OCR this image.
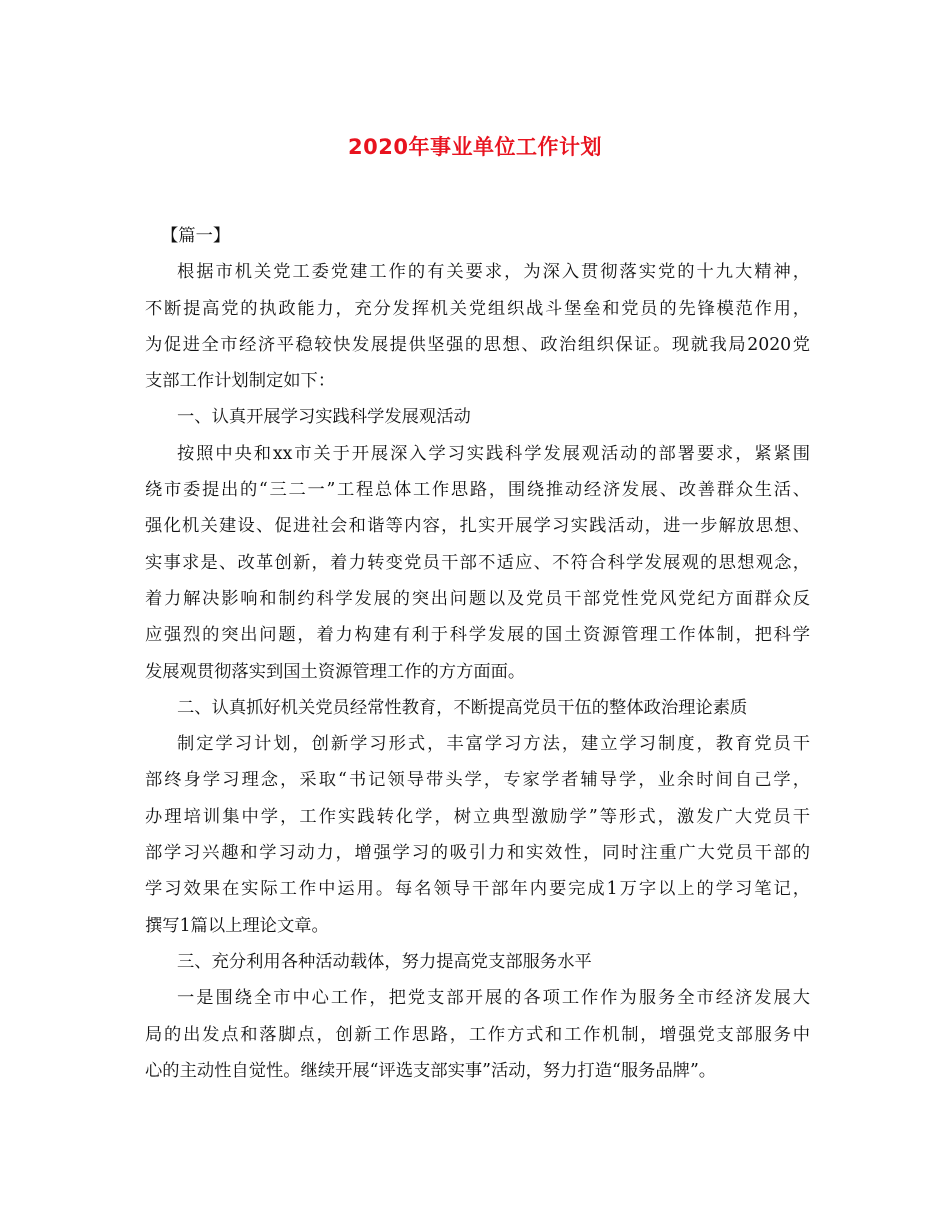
2020年事业单位工作计划
【篇一】
根据市机关党工委党建工作的有关要求，为深入贯彻落实党的十九大精神，
不断提高党的执政能力，充分发挥机关党组织战斗堡垒和党员的先锋模范作用，
为促进全市经济平稳较快发展提供坚强的思想、政治组织保证。现就我局2020党
支部工作计划制定如下：
一、认真开展学习实践科学发展观活动
按照中央和xx市关于开展深入学习实践科学发展观活动的部署要求，紧紧围
绕市委提出的“三二一”工程总体工作思路，围绕推动经济发展、改善群众生活、
强化机关建设、促进社会和谐等内容，扎实开展学习实践活动，进一步解放思想、
实事求是、改革创新，着力转变党员干部不适应、不符合科学发展观的思想观念，
着力解决影响和制约科学发展的突出问题以及党员干部党性党风党纪方面群众反
应强烈的突出问题，着力构建有利于科学发展的国土资源管理工作体制，把科学
发展观贯彻落实到国土资源管理工作的方方面面。
二、认真抓好机关党员经常性教育，不断提高党员干伍的整体政治理论素质
制定学习计划，创新学习形式，丰富学习方法，建立学习制度，教育党员干
部终身学习理念，采取“书记领导带头学，专家学者辅导学，业余时间自己学，
办理培训集中学，工作实践转化学，树立典型激励学”等形式，激发广大党员干
部学习兴趣和学习动力，增强学习的吸引力和实效性，同时注重广大党员干部的
学习效果在实际工作中运用。每名领导干部年内要完成1万字以上的学习笔记，
撰写1篇以上理论文章。
三、充分利用各种活动载体，努力提高党支部服务水平
一是围绕全市中心工作，把党支部开展的各项工作作为服务全市经济发展大
局的出发点和落脚点，创新工作思路，工作方式和工作机制，增强党支部服务中
心的主动性自觉性。继续开展“评选支部实事”活动，努力打造“服务品牌”。
